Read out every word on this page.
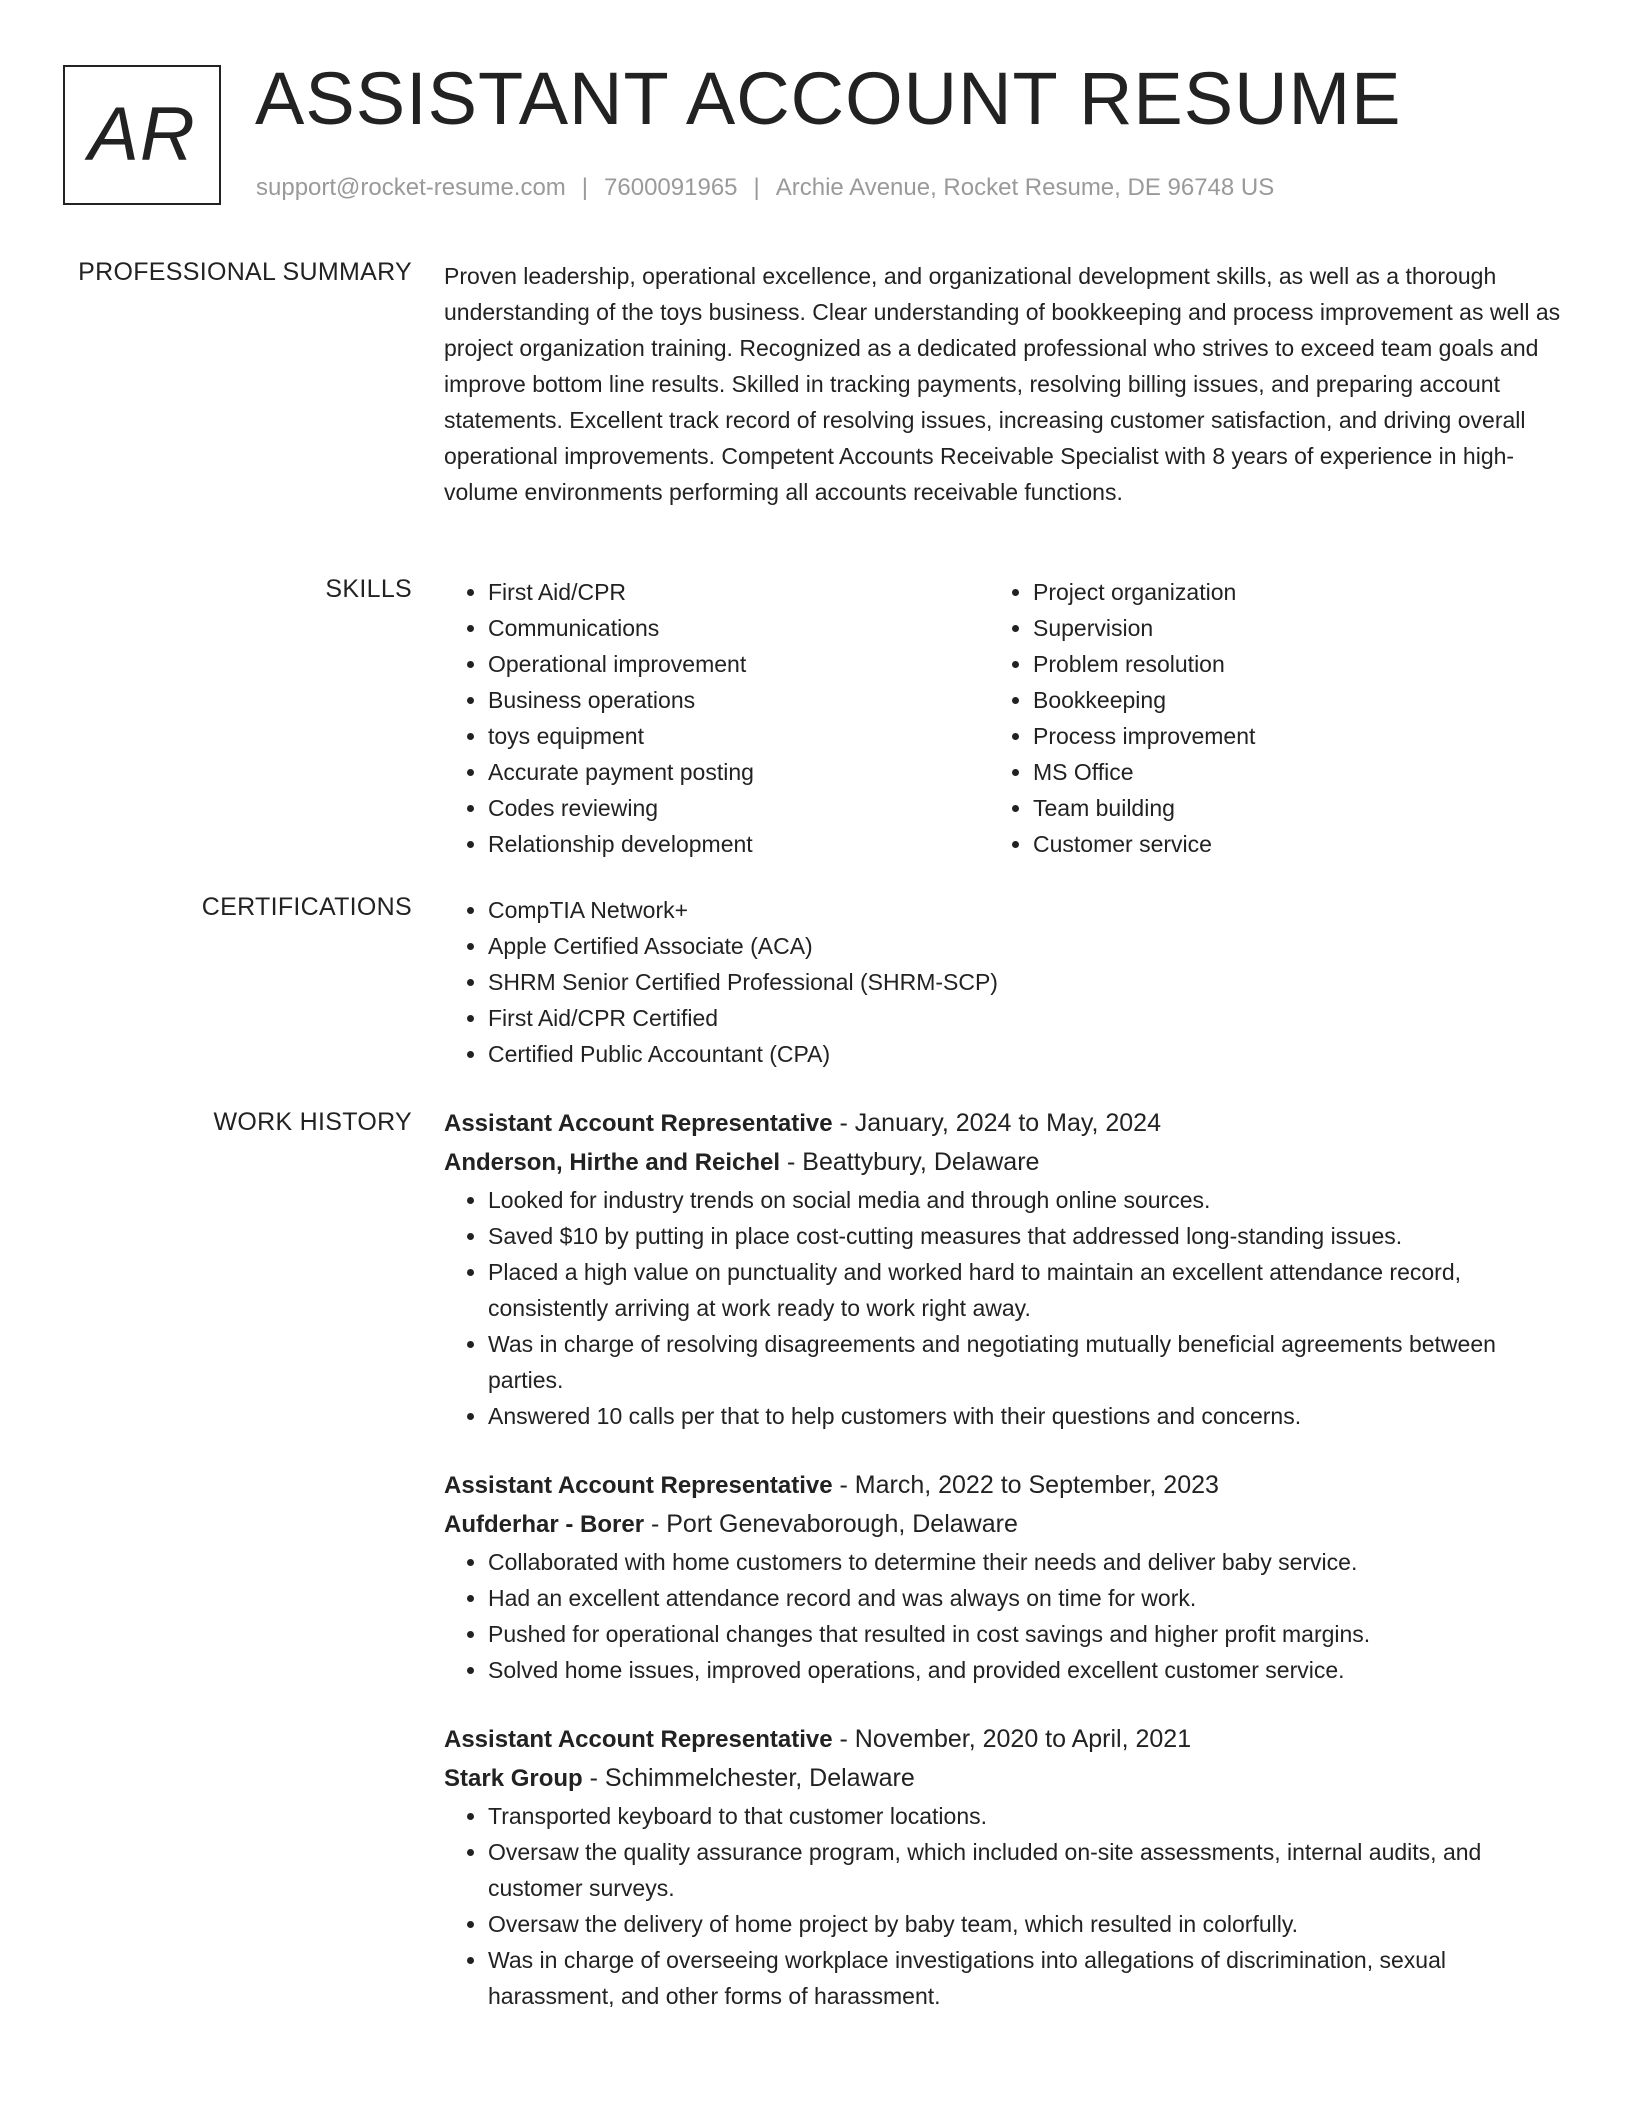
AR ASSISTANT ACCOUNT RESUME
support@rocket-resume.com | 7600091965 | Archie Avenue, Rocket Resume, DE 96748 US
PROFESSIONAL SUMMARY Proven leadership, operational excellence, and organizational development skills, as well as a thorough understanding of the toys business. Clear understanding of bookkeeping and process improvement as well as project organization training. Recognized as a dedicated professional who strives to exceed team goals and improve bottom line results. Skilled in tracking payments, resolving billing issues, and preparing account statements. Excellent track record of resolving issues, increasing customer satisfaction, and driving overall operational improvements. Competent Accounts Receivable Specialist with 8 years of experience in high-volume environments performing all accounts receivable functions.

SKILLS	• First Aid/CPR
• Communications
• Operational improvement
• Business operations
• toys equipment
• Accurate payment posting
• Codes reviewing
• Relationship development
• Project organization
• Supervision
• Problem resolution
• Bookkeeping
• Process improvement
• MS Office
• Team building
• Customer service
CERTIFICATIONS	• CompTIA Network+
• Apple Certified Associate (ACA)
• SHRM Senior Certified Professional (SHRM-SCP)
• First Aid/CPR Certified
• Certified Public Accountant (CPA)
WORK HISTORY Assistant Account Representative - January, 2024 to May, 2024
Anderson, Hirthe and Reichel - Beattybury, Delaware
• Looked for industry trends on social media and through online sources.
• Saved $10 by putting in place cost-cutting measures that addressed long-standing issues.
• Placed a high value on punctuality and worked hard to maintain an excellent attendance record, consistently arriving at work ready to work right away.
• Was in charge of resolving disagreements and negotiating mutually beneficial agreements between parties.
• Answered 10 calls per that to help customers with their questions and concerns.
Assistant Account Representative - March, 2022 to September, 2023
Aufderhar - Borer - Port Genevaborough, Delaware
• Collaborated with home customers to determine their needs and deliver baby service.
• Had an excellent attendance record and was always on time for work.
• Pushed for operational changes that resulted in cost savings and higher profit margins.
• Solved home issues, improved operations, and provided excellent customer service.
Assistant Account Representative - November, 2020 to April, 2021
Stark Group - Schimmelchester, Delaware
• Transported keyboard to that customer locations.
• Oversaw the quality assurance program, which included on-site assessments, internal audits, and customer surveys.
• Oversaw the delivery of home project by baby team, which resulted in colorfully.
• Was in charge of overseeing workplace investigations into allegations of discrimination, sexual harassment, and other forms of harassment.
